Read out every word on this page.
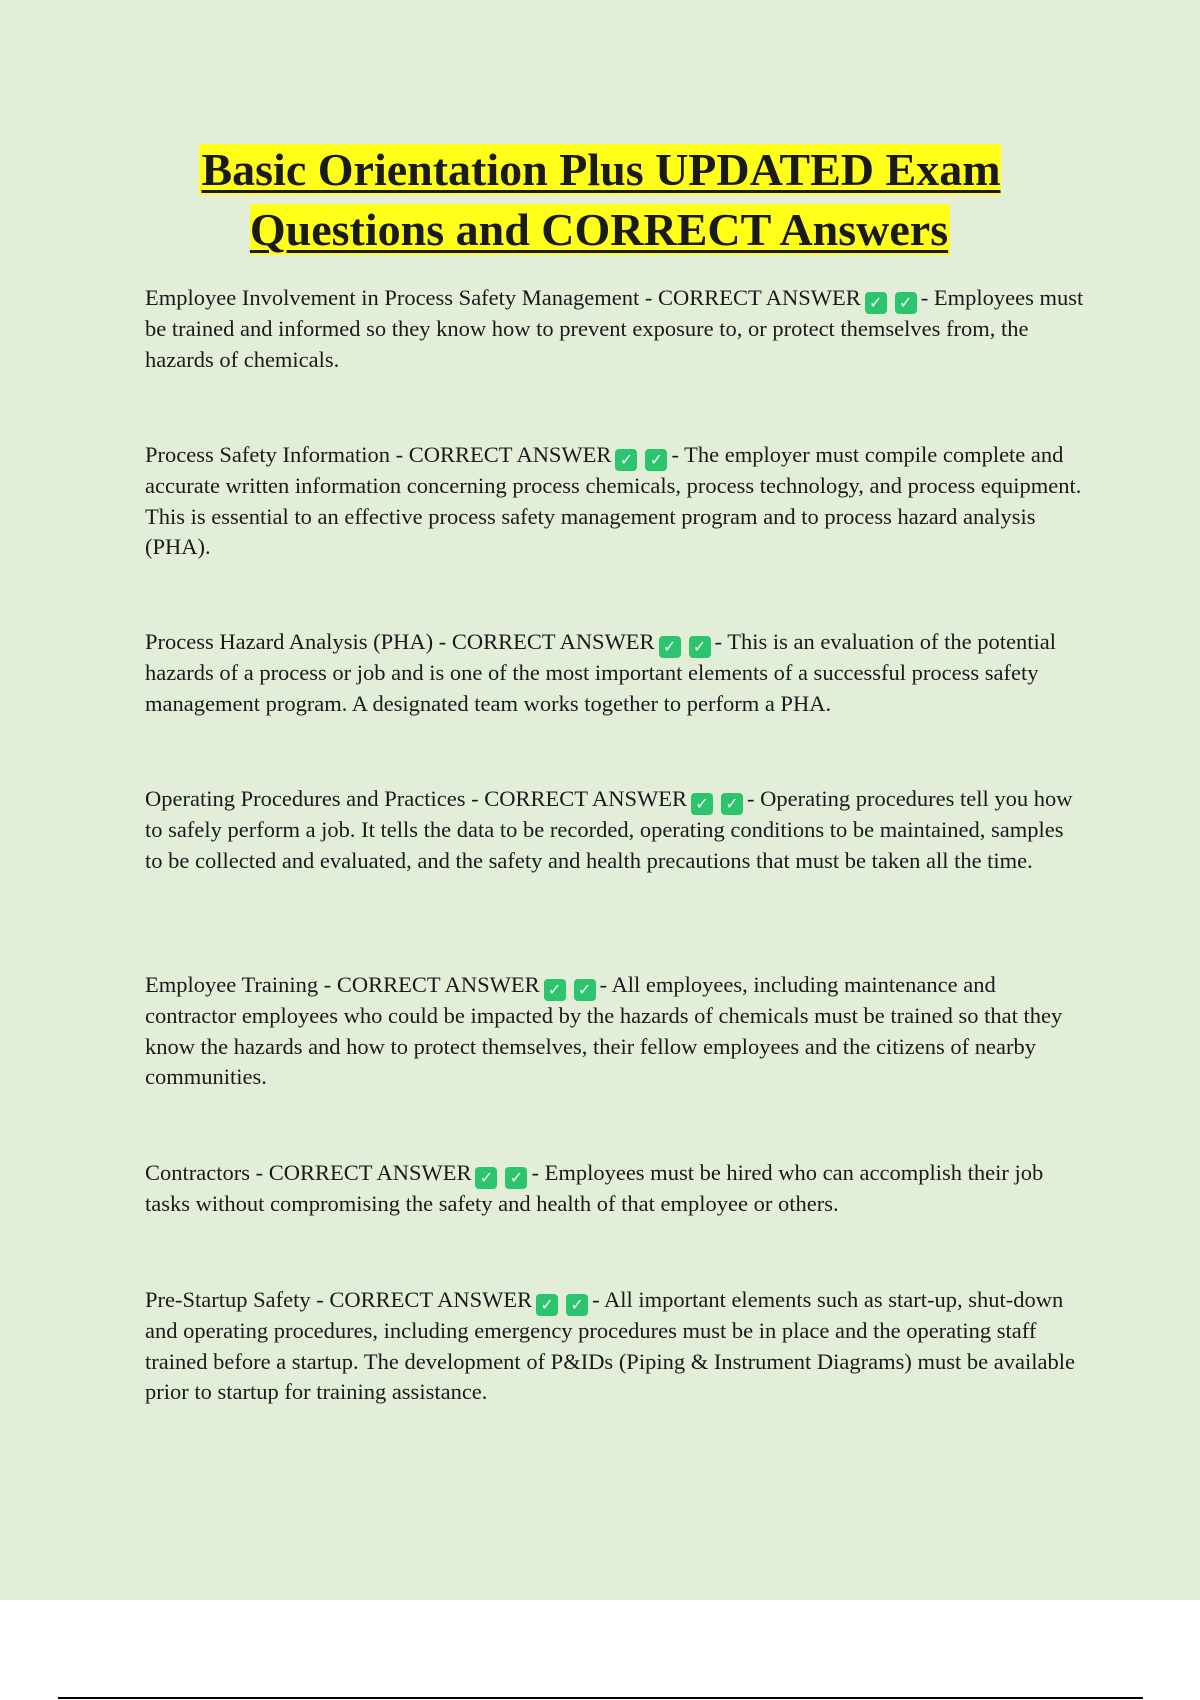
Basic Orientation Plus UPDATED Exam Questions and CORRECT Answers

Employee Involvement in Process Safety Management - CORRECT ANSWER ✓ ✓ - Employees must be trained and informed so they know how to prevent exposure to, or protect themselves from, the hazards of chemicals.

Process Safety Information - CORRECT ANSWER ✓ ✓ - The employer must compile complete and accurate written information concerning process chemicals, process technology, and process equipment. This is essential to an effective process safety management program and to process hazard analysis (PHA).

Process Hazard Analysis (PHA) - CORRECT ANSWER ✓ ✓ - This is an evaluation of the potential hazards of a process or job and is one of the most important elements of a successful process safety management program. A designated team works together to perform a PHA.

Operating Procedures and Practices - CORRECT ANSWER ✓ ✓ - Operating procedures tell you how to safely perform a job. It tells the data to be recorded, operating conditions to be maintained, samples to be collected and evaluated, and the safety and health precautions that must be taken all the time.

Employee Training - CORRECT ANSWER ✓ ✓ - All employees, including maintenance and contractor employees who could be impacted by the hazards of chemicals must be trained so that they know the hazards and how to protect themselves, their fellow employees and the citizens of nearby communities.

Contractors - CORRECT ANSWER ✓ ✓ - Employees must be hired who can accomplish their job tasks without compromising the safety and health of that employee or others.

Pre-Startup Safety - CORRECT ANSWER ✓ ✓ - All important elements such as start-up, shut-down and operating procedures, including emergency procedures must be in place and the operating staff trained before a startup. The development of P&IDs (Piping & Instrument Diagrams) must be available prior to startup for training assistance.
